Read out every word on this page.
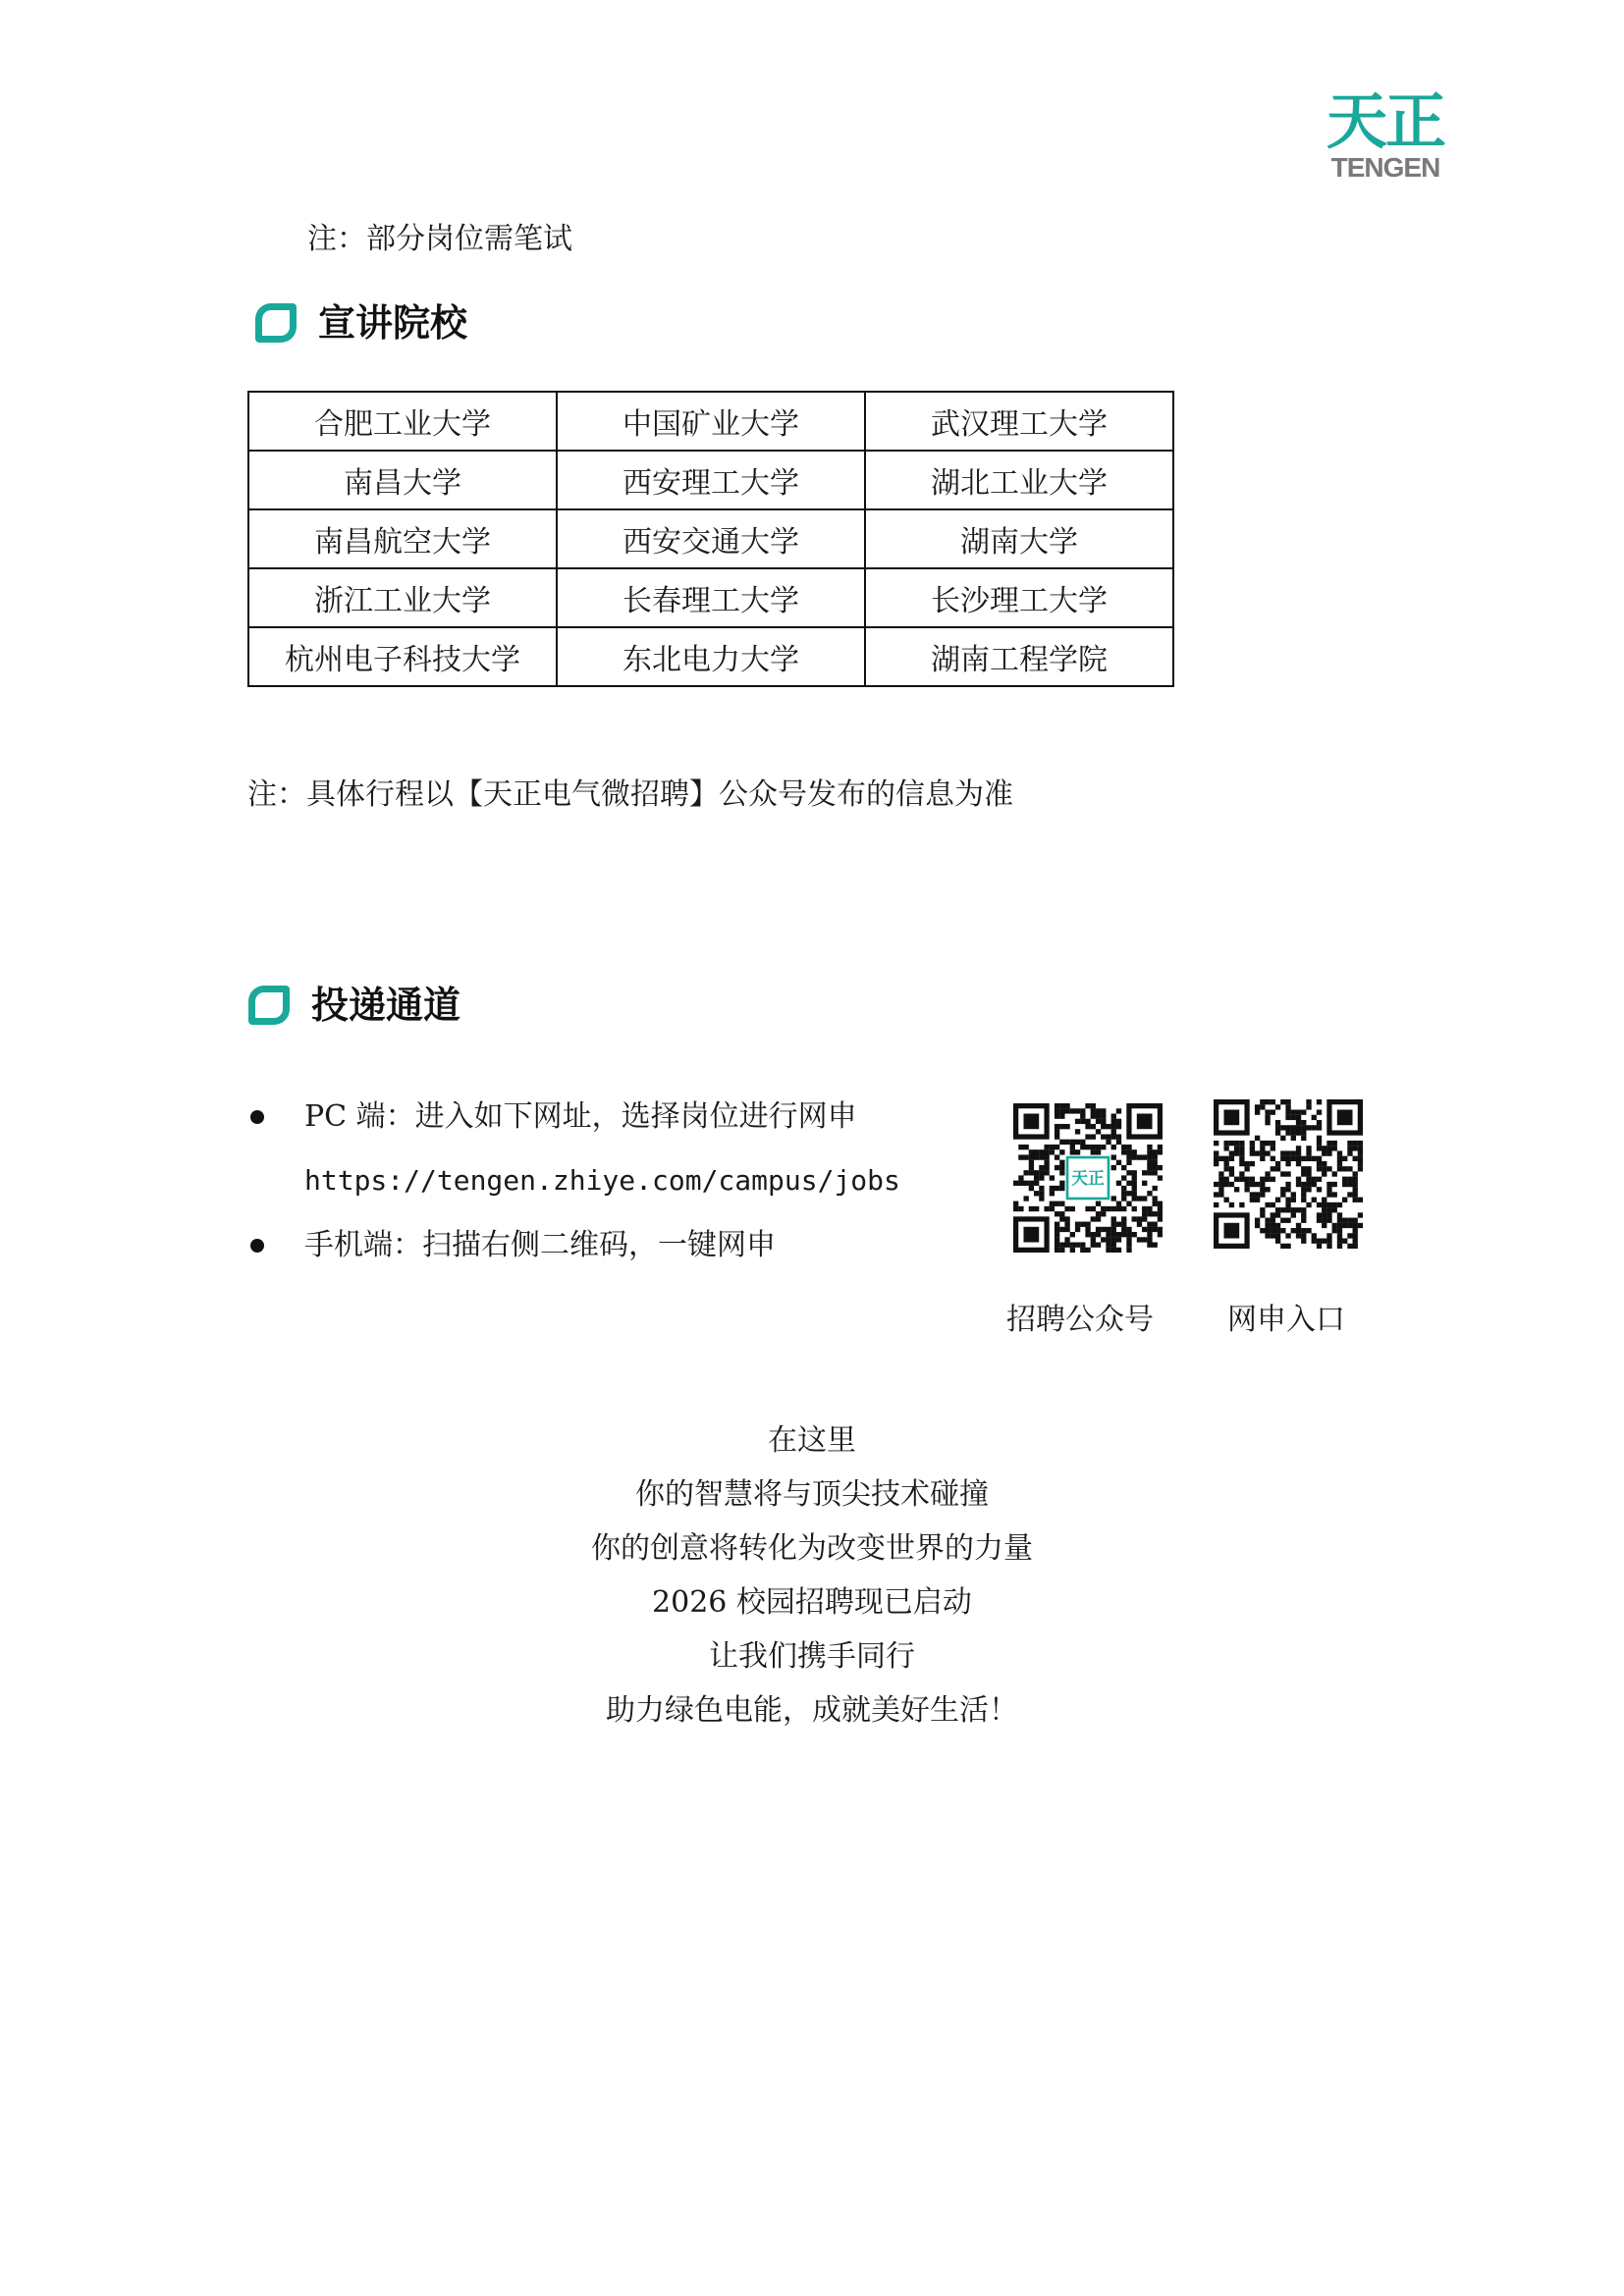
天正
TENGEN
注：部分岗位需笔试
宣讲院校
合肥工业大学	中国矿业大学	武汉理工大学
南昌大学	西安理工大学	湖北工业大学
南昌航空大学	西安交通大学	湖南大学
浙江工业大学	长春理工大学	长沙理工大学
杭州电子科技大学	东北电力大学	湖南工程学院
注：具体行程以【天正电气微招聘】公众号发布的信息为准
投递通道
PC 端：进入如下网址，选择岗位进行网申
https://tengen.zhiye.com/campus/jobs
手机端：扫描右侧二维码，一键网申
天正
招聘公众号	网申入口
在这里
你的智慧将与顶尖技术碰撞
你的创意将转化为改变世界的力量
2026 校园招聘现已启动
让我们携手同行
助力绿色电能，成就美好生活！
